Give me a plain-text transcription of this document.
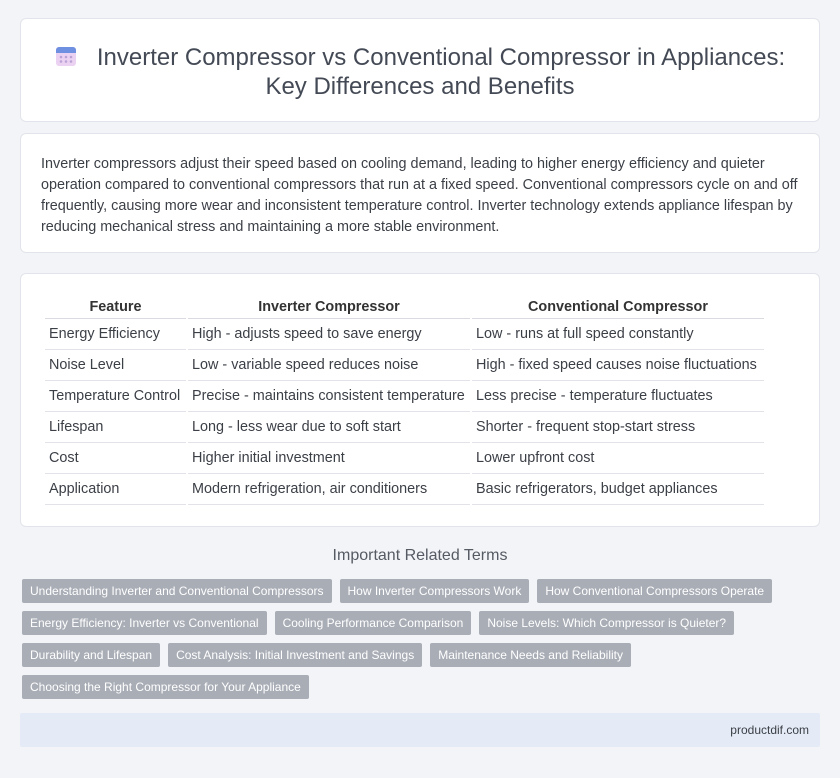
Inverter Compressor vs Conventional Compressor in Appliances:
Key Differences and Benefits

Inverter compressors adjust their speed based on cooling demand, leading to higher energy efficiency and quieter operation compared to conventional compressors that run at a fixed speed. Conventional compressors cycle on and off frequently, causing more wear and inconsistent temperature control. Inverter technology extends appliance lifespan by reducing mechanical stress and maintaining a more stable environment.

Feature	Inverter Compressor	Conventional Compressor
Energy Efficiency	High - adjusts speed to save energy	Low - runs at full speed constantly
Noise Level	Low - variable speed reduces noise	High - fixed speed causes noise fluctuations
Temperature Control	Precise - maintains consistent temperature	Less precise - temperature fluctuates
Lifespan	Long - less wear due to soft start	Shorter - frequent stop-start stress
Cost	Higher initial investment	Lower upfront cost
Application	Modern refrigeration, air conditioners	Basic refrigerators, budget appliances
Important Related Terms
Understanding Inverter and Conventional Compressors	How Inverter Compressors Work	How Conventional Compressors Operate
Energy Efficiency: Inverter vs Conventional	Cooling Performance Comparison	Noise Levels: Which Compressor is Quieter?
Durability and Lifespan	Cost Analysis: Initial Investment and Savings	Maintenance Needs and Reliability
Choosing the Right Compressor for Your Appliance
productdif.com
